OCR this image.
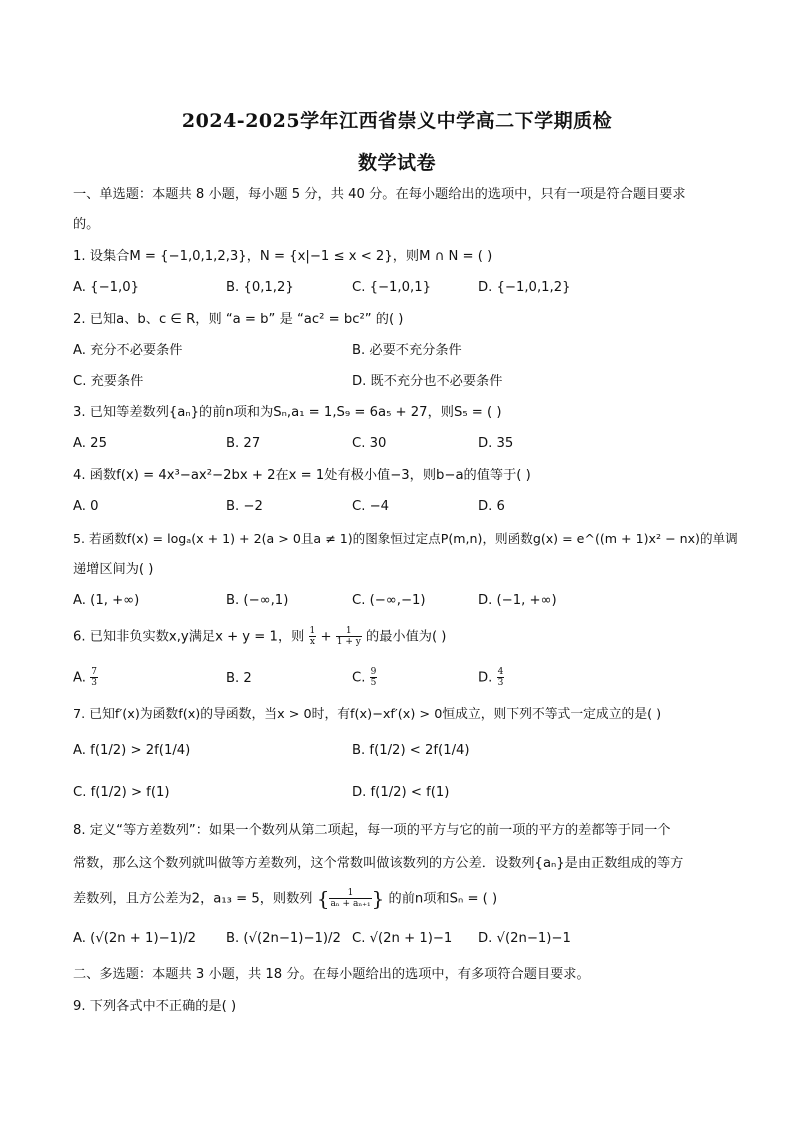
2024-2025学年江西省崇义中学高二下学期质检
数学试卷
一、单选题：本题共 8 小题，每小题 5 分，共 40 分。在每小题给出的选项中，只有一项是符合题目要求
的。
1. 设集合M = {−1,0,1,2,3}，N = {x|−1 ≤ x < 2}，则M ∩ N = ( )
A. {−1,0}	B. {0,1,2}	C. {−1,0,1}	D. {−1,0,1,2}
2. 已知a、b、c ∈ R，则 “a = b” 是 “ac² = bc²” 的( )
A. 充分不必要条件	B. 必要不充分条件
C. 充要条件	D. 既不充分也不必要条件
3. 已知等差数列{aₙ}的前n项和为Sₙ,a₁ = 1,S₉ = 6a₅ + 27，则S₅ = ( )
A. 25	B. 27	C. 30	D. 35
4. 函数f(x) = 4x³−ax²−2bx + 2在x = 1处有极小值−3，则b−a的值等于( )
A. 0	B. −2	C. −4	D. 6
5. 若函数f(x) = logₐ(x + 1) + 2(a > 0且a ≠ 1)的图象恒过定点P(m,n)，则函数g(x) = e^((m + 1)x² − nx)的单调
递增区间为( )
A. (1, +∞)	B. (−∞,1)	C. (−∞,−1)	D. (−1, +∞)
6. 已知非负实数x,y满足x + y = 1，则 $\frac{1}{x} + \frac{1}{1 + y}$ 的最小值为( )
A. $\frac{7}{3}$	B. 2	C. $\frac{9}{5}$	D. $\frac{4}{3}$
7. 已知f′(x)为函数f(x)的导函数，当x > 0时，有f(x)−xf′(x) > 0恒成立，则下列不等式一定成立的是( )
A. f(1/2) > 2f(1/4)	B. f(1/2) < 2f(1/4)
C. f(1/2) > f(1)	D. f(1/2) < f(1)
8. 定义“等方差数列”：如果一个数列从第二项起，每一项的平方与它的前一项的平方的差都等于同一个
常数，那么这个数列就叫做等方差数列，这个常数叫做该数列的方公差．设数列{aₙ}是由正数组成的等方
差数列，且方公差为2，a₁₃ = 5，则数列 { $\frac{1}{\text{aₙ + aₙ₊₁}}$ } 的前n项和Sₙ = ( )
A. (√(2n + 1)−1)/2 B. (√(2n−1)−1)/2 C. √(2n + 1)−1 D. √(2n−1)−1
二、多选题：本题共 3 小题，共 18 分。在每小题给出的选项中，有多项符合题目要求。
9. 下列各式中不正确的是( )
